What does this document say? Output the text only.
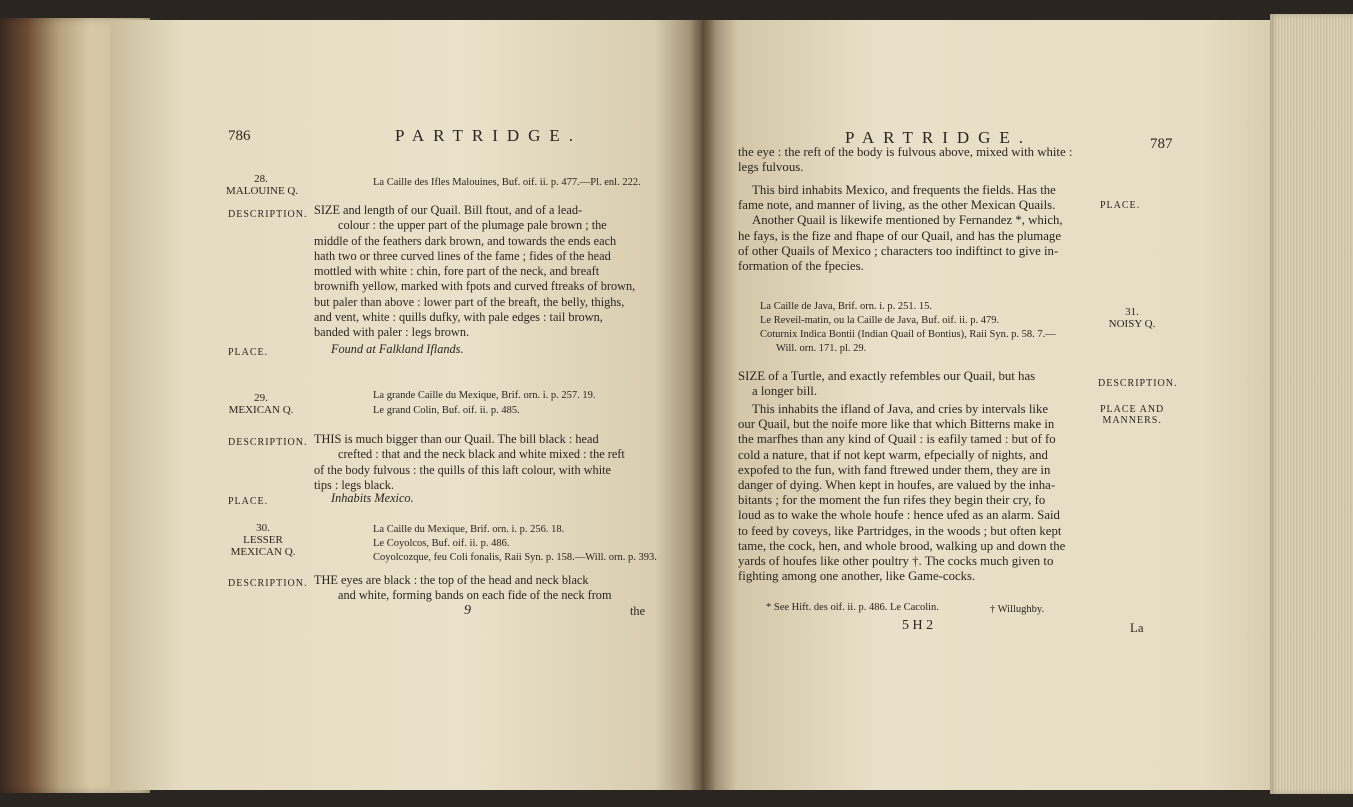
786	PARTRIDGE.
28.
MALOUINE Q.
La Caille des Ifles Malouines, Buf. oif. ii. p. 477.—Pl. enl. 222.
DESCRIPTION. SIZE and length of our Quail. Bill ftout, and of a lead-
colour : the upper part of the plumage pale brown ; the
middle of the feathers dark brown, and towards the ends each
hath two or three curved lines of the fame ; fides of the head
mottled with white : chin, fore part of the neck, and breaft
brownifh yellow, marked with fpots and curved ftreaks of brown,
but paler than above : lower part of the breaft, the belly, thighs,
and vent, white : quills dufky, with pale edges : tail brown,
banded with paler : legs brown.
PLACE.	Found at Falkland Iflands.
29.
MEXICAN Q.
La grande Caille du Mexique, Brif. orn. i. p. 257. 19.
Le grand Colin, Buf. oif. ii. p. 485.
DESCRIPTION. THIS is much bigger than our Quail. The bill black : head
crefted : that and the neck black and white mixed : the reft
of the body fulvous : the quills of this laft colour, with white
tips : legs black.
PLACE.	Inhabits Mexico.
30.
LESSER
MEXICAN Q.
La Caille du Mexique, Brif. orn. i. p. 256. 18.
Le Coyolcos, Buf. oif. ii. p. 486.
Coyolcozque, feu Coli fonalis, Raii Syn. p. 158.—Will. orn. p. 393.
DESCRIPTION. THE eyes are black : the top of the head and neck black
and white, forming bands on each fide of the neck from
9	the
PARTRIDGE.	787
the eye : the reft of the body is fulvous above, mixed with white :
legs fulvous.
This bird inhabits Mexico, and frequents the fields. Has the
fame note, and manner of living, as the other Mexican Quails.
Another Quail is likewife mentioned by Fernandez *, which,
he fays, is the fize and fhape of our Quail, and has the plumage
of other Quails of Mexico ; characters too indiftinct to give in-
formation of the fpecies.
PLACE.
La Caille de Java, Brif. orn. i. p. 251. 15.
Le Reveil-matin, ou la Caille de Java, Buf. oif. ii. p. 479.
Coturnix Indica Bontii (Indian Quail of Bontius), Raii Syn. p. 58. 7.—
Will. orn. 171. pl. 29.
31.
NOISY Q.
SIZE of a Turtle, and exactly refembles our Quail, but has
a longer bill.
DESCRIPTION.
This inhabits the ifland of Java, and cries by intervals like
our Quail, but the noife more like that which Bitterns make in
the marfhes than any kind of Quail : is eafily tamed : but of fo
cold a nature, that if not kept warm, efpecially of nights, and
expofed to the fun, with fand ftrewed under them, they are in
danger of dying. When kept in houfes, are valued by the inha-
bitants ; for the moment the fun rifes they begin their cry, fo
loud as to wake the whole houfe : hence ufed as an alarm. Said
to feed by coveys, like Partridges, in the woods ; but often kept
tame, the cock, hen, and whole brood, walking up and down the
yards of houfes like other poultry †. The cocks much given to
fighting among one another, like Game-cocks.
PLACE AND
MANNERS.
* See Hift. des oif. ii. p. 486. Le Cacolin.	† Willughby.
5 H 2	La
